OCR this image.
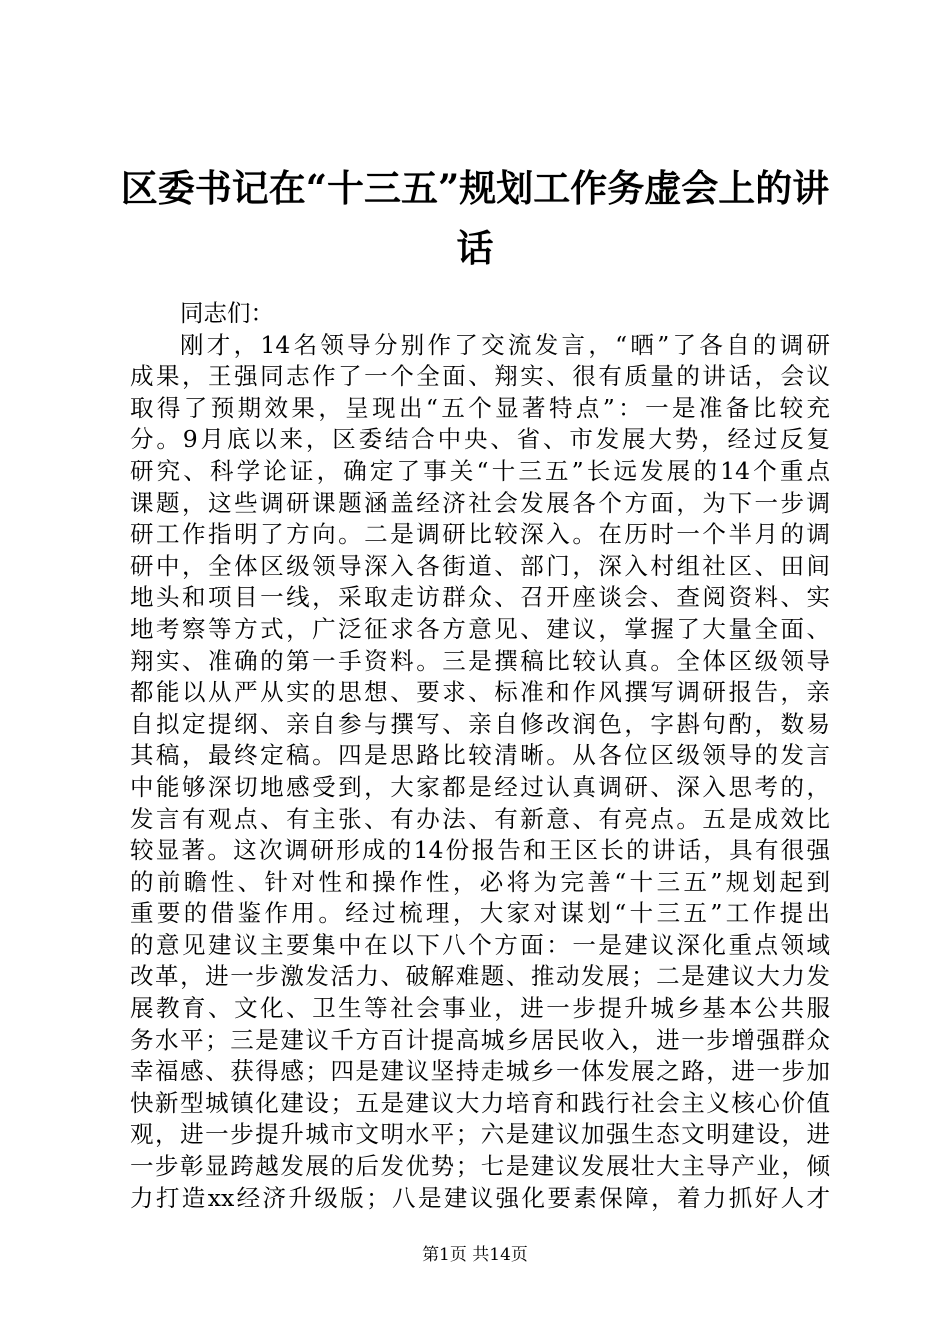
区委书记在“十三五”规划工作务虚会上的讲
话
同志们：
刚才，14名领导分别作了交流发言，“晒”了各自的调研
成果，王强同志作了一个全面、翔实、很有质量的讲话，会议
取得了预期效果，呈现出“五个显著特点”：一是准备比较充
分。9月底以来，区委结合中央、省、市发展大势，经过反复
研究、科学论证，确定了事关“十三五”长远发展的14个重点
课题，这些调研课题涵盖经济社会发展各个方面，为下一步调
研工作指明了方向。二是调研比较深入。在历时一个半月的调
研中，全体区级领导深入各街道、部门，深入村组社区、田间
地头和项目一线，采取走访群众、召开座谈会、查阅资料、实
地考察等方式，广泛征求各方意见、建议，掌握了大量全面、
翔实、准确的第一手资料。三是撰稿比较认真。全体区级领导
都能以从严从实的思想、要求、标准和作风撰写调研报告，亲
自拟定提纲、亲自参与撰写、亲自修改润色，字斟句酌，数易
其稿，最终定稿。四是思路比较清晰。从各位区级领导的发言
中能够深切地感受到，大家都是经过认真调研、深入思考的，
发言有观点、有主张、有办法、有新意、有亮点。五是成效比
较显著。这次调研形成的14份报告和王区长的讲话，具有很强
的前瞻性、针对性和操作性，必将为完善“十三五”规划起到
重要的借鉴作用。经过梳理，大家对谋划“十三五”工作提出
的意见建议主要集中在以下八个方面：一是建议深化重点领域
改革，进一步激发活力、破解难题、推动发展；二是建议大力发
展教育、文化、卫生等社会事业，进一步提升城乡基本公共服
务水平；三是建议千方百计提高城乡居民收入，进一步增强群众
幸福感、获得感；四是建议坚持走城乡一体发展之路，进一步加
快新型城镇化建设；五是建议大力培育和践行社会主义核心价值
观，进一步提升城市文明水平；六是建议加强生态文明建设，进
一步彰显跨越发展的后发优势；七是建议发展壮大主导产业，倾
力打造xx经济升级版；八是建议强化要素保障，着力抓好人才
第1页 共14页
